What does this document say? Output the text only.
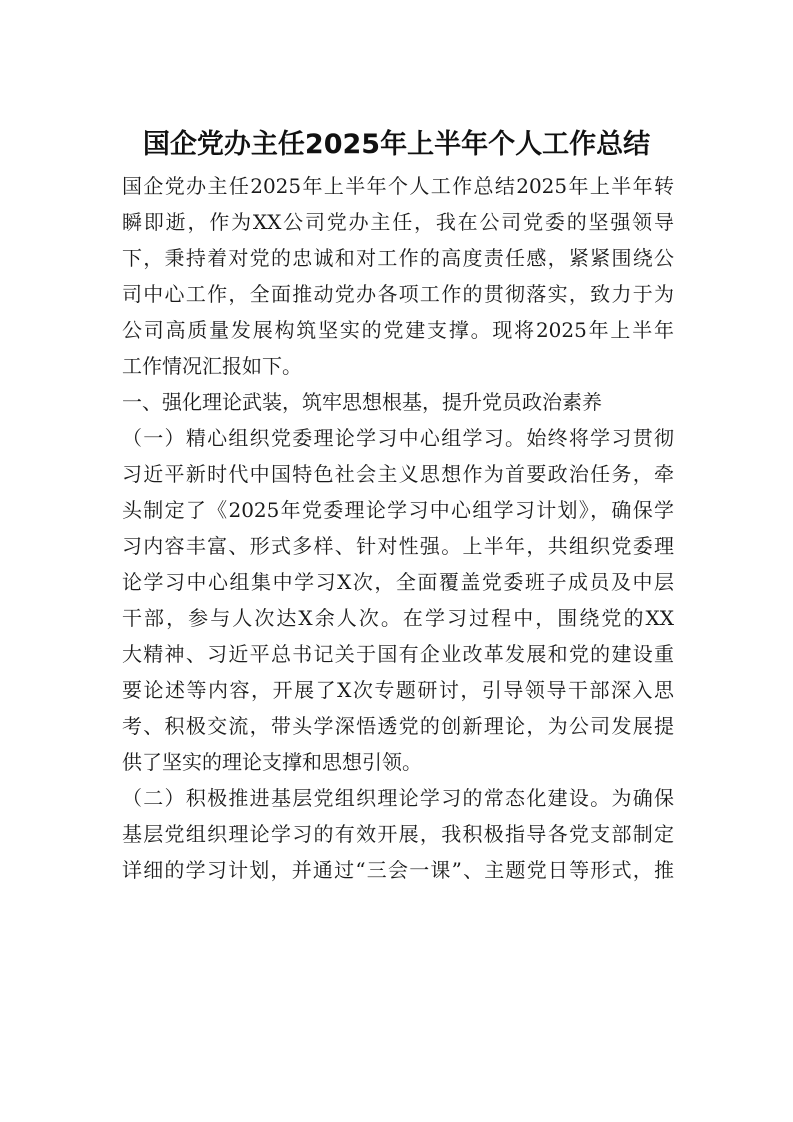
国企党办主任2025年上半年个人工作总结
国企党办主任2025年上半年个人工作总结2025年上半年转
瞬即逝，作为XX公司党办主任，我在公司党委的坚强领导
下，秉持着对党的忠诚和对工作的高度责任感，紧紧围绕公
司中心工作，全面推动党办各项工作的贯彻落实，致力于为
公司高质量发展构筑坚实的党建支撑。现将2025年上半年
工作情况汇报如下。
一、强化理论武装，筑牢思想根基，提升党员政治素养
（一）精心组织党委理论学习中心组学习。始终将学习贯彻
习近平新时代中国特色社会主义思想作为首要政治任务，牵
头制定了《2025年党委理论学习中心组学习计划》，确保学
习内容丰富、形式多样、针对性强。上半年，共组织党委理
论学习中心组集中学习X次，全面覆盖党委班子成员及中层
干部，参与人次达X余人次。在学习过程中，围绕党的XX
大精神、习近平总书记关于国有企业改革发展和党的建设重
要论述等内容，开展了X次专题研讨，引导领导干部深入思
考、积极交流，带头学深悟透党的创新理论，为公司发展提
供了坚实的理论支撑和思想引领。
（二）积极推进基层党组织理论学习的常态化建设。为确保
基层党组织理论学习的有效开展，我积极指导各党支部制定
详细的学习计划，并通过“三会一课”、主题党日等形式，推
